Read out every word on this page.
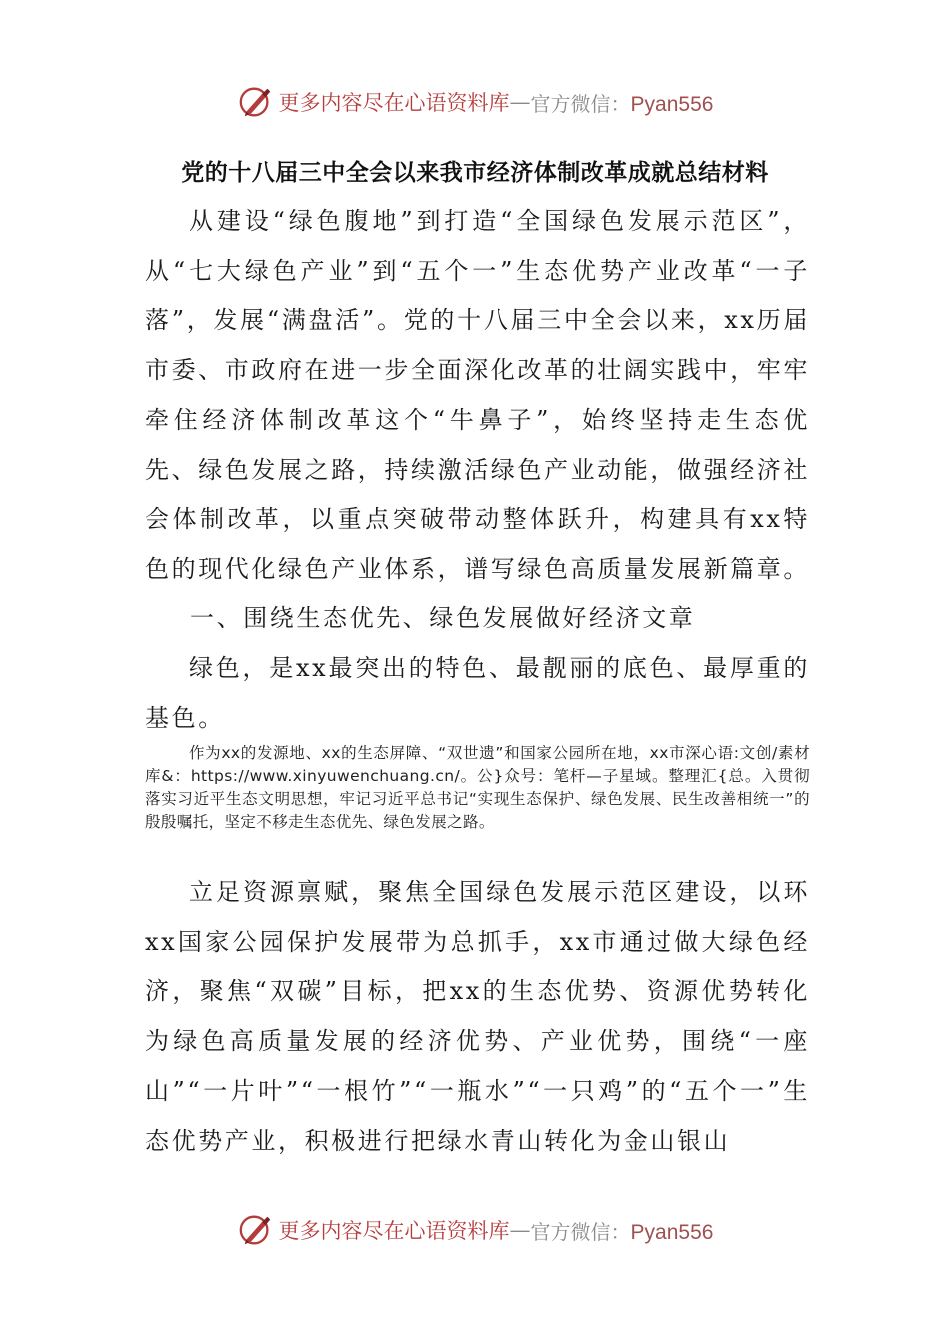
更多内容尽在心语资料库 — 官方微信：Pyan556
党的十八届三中全会以来我市经济体制改革成就总结材料
从建设“绿色腹地”到打造“全国绿色发展示范区”，从“七大绿色产业”到“五个一”生态优势产业改革“一子落”，发展“满盘活”。党的十八届三中全会以来，xx历届市委、市政府在进一步全面深化改革的壮阔实践中，牢牢牵住经济体制改革这个“牛鼻子”，始终坚持走生态优先、绿色发展之路，持续激活绿色产业动能，做强经济社会体制改革，以重点突破带动整体跃升，构建具有xx特色的现代化绿色产业体系，谱写绿色高质量发展新篇章。
一、围绕生态优先、绿色发展做好经济文章
绿色，是xx最突出的特色、最靓丽的底色、最厚重的基色。
作为xx的发源地、xx的生态屏障、“双世遗”和国家公园所在地，xx市深心语:文创/素材库&：https://www.xinyuwenchuang.cn/。公}众号：笔杆—子星域。整理汇{总。入贯彻落实习近平生态文明思想，牢记习近平总书记“实现生态保护、绿色发展、民生改善相统一”的殷殷嘱托，坚定不移走生态优先、绿色发展之路。
立足资源禀赋，聚焦全国绿色发展示范区建设，以环xx国家公园保护发展带为总抓手，xx市通过做大绿色经济，聚焦“双碳”目标，把xx的生态优势、资源优势转化为绿色高质量发展的经济优势、产业优势，围绕“一座山”“一片叶”“一根竹”“一瓶水”“一只鸡”的“五个一”生态优势产业，积极进行把绿水青山转化为金山银山
更多内容尽在心语资料库 — 官方微信：Pyan556
